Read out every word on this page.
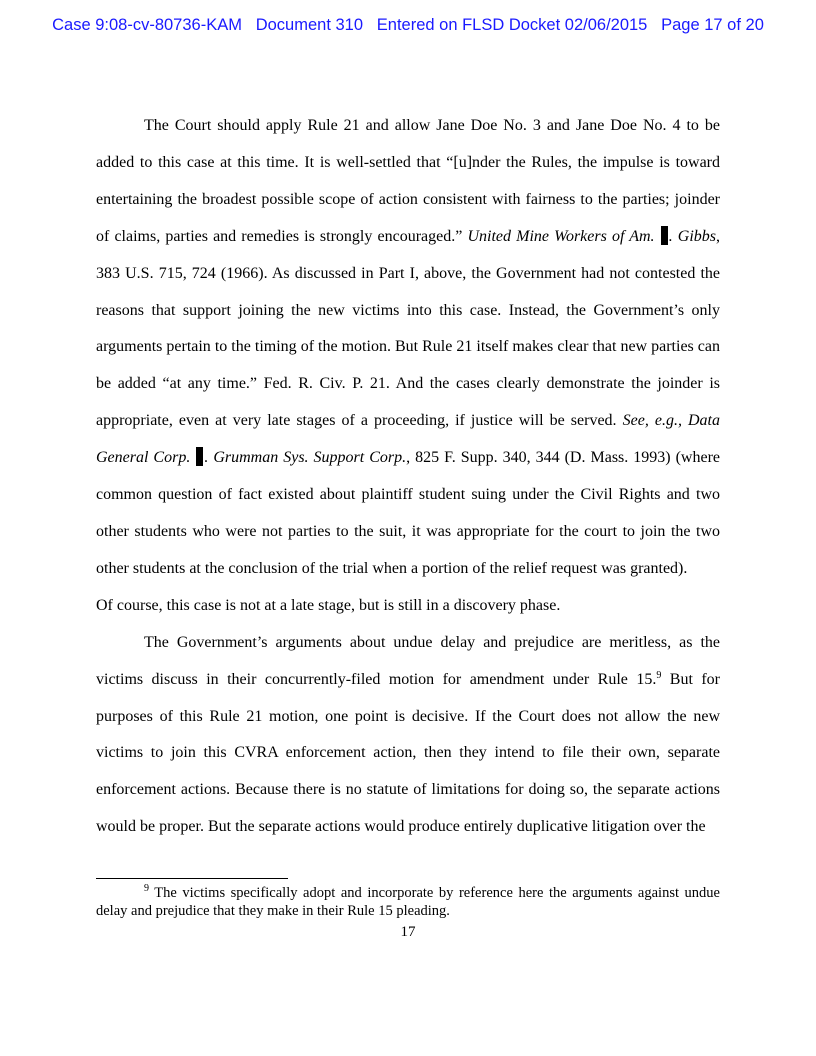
Case 9:08-cv-80736-KAM   Document 310   Entered on FLSD Docket 02/06/2015   Page 17 of 20

The Court should apply Rule 21 and allow Jane Doe No. 3 and Jane Doe No. 4 to be added to this case at this time. It is well-settled that “[u]nder the Rules, the impulse is toward entertaining the broadest possible scope of action consistent with fairness to the parties; joinder of claims, parties and remedies is strongly encouraged.” United Mine Workers of Am. . Gibbs, 383 U.S. 715, 724 (1966). As discussed in Part I, above, the Government had not contested the reasons that support joining the new victims into this case. Instead, the Government’s only arguments pertain to the timing of the motion. But Rule 21 itself makes clear that new parties can be added “at any time.” Fed. R. Civ. P. 21. And the cases clearly demonstrate the joinder is appropriate, even at very late stages of a proceeding, if justice will be served. See, e.g., Data General Corp. . Grumman Sys. Support Corp., 825 F. Supp. 340, 344 (D. Mass. 1993) (where common question of fact existed about plaintiff student suing under the Civil Rights and two other students who were not parties to the suit, it was appropriate for the court to join the two other students at the conclusion of the trial when a portion of the relief request was granted).

Of course, this case is not at a late stage, but is still in a discovery phase.

The Government’s arguments about undue delay and prejudice are meritless, as the victims discuss in their concurrently-filed motion for amendment under Rule 15.$^9$ But for purposes of this Rule 21 motion, one point is decisive. If the Court does not allow the new victims to join this CVRA enforcement action, then they intend to file their own, separate enforcement actions. Because there is no statute of limitations for doing so, the separate actions would be proper. But the separate actions would produce entirely duplicative litigation over the

$^9$ The victims specifically adopt and incorporate by reference here the arguments against undue delay and prejudice that they make in their Rule 15 pleading.
17
